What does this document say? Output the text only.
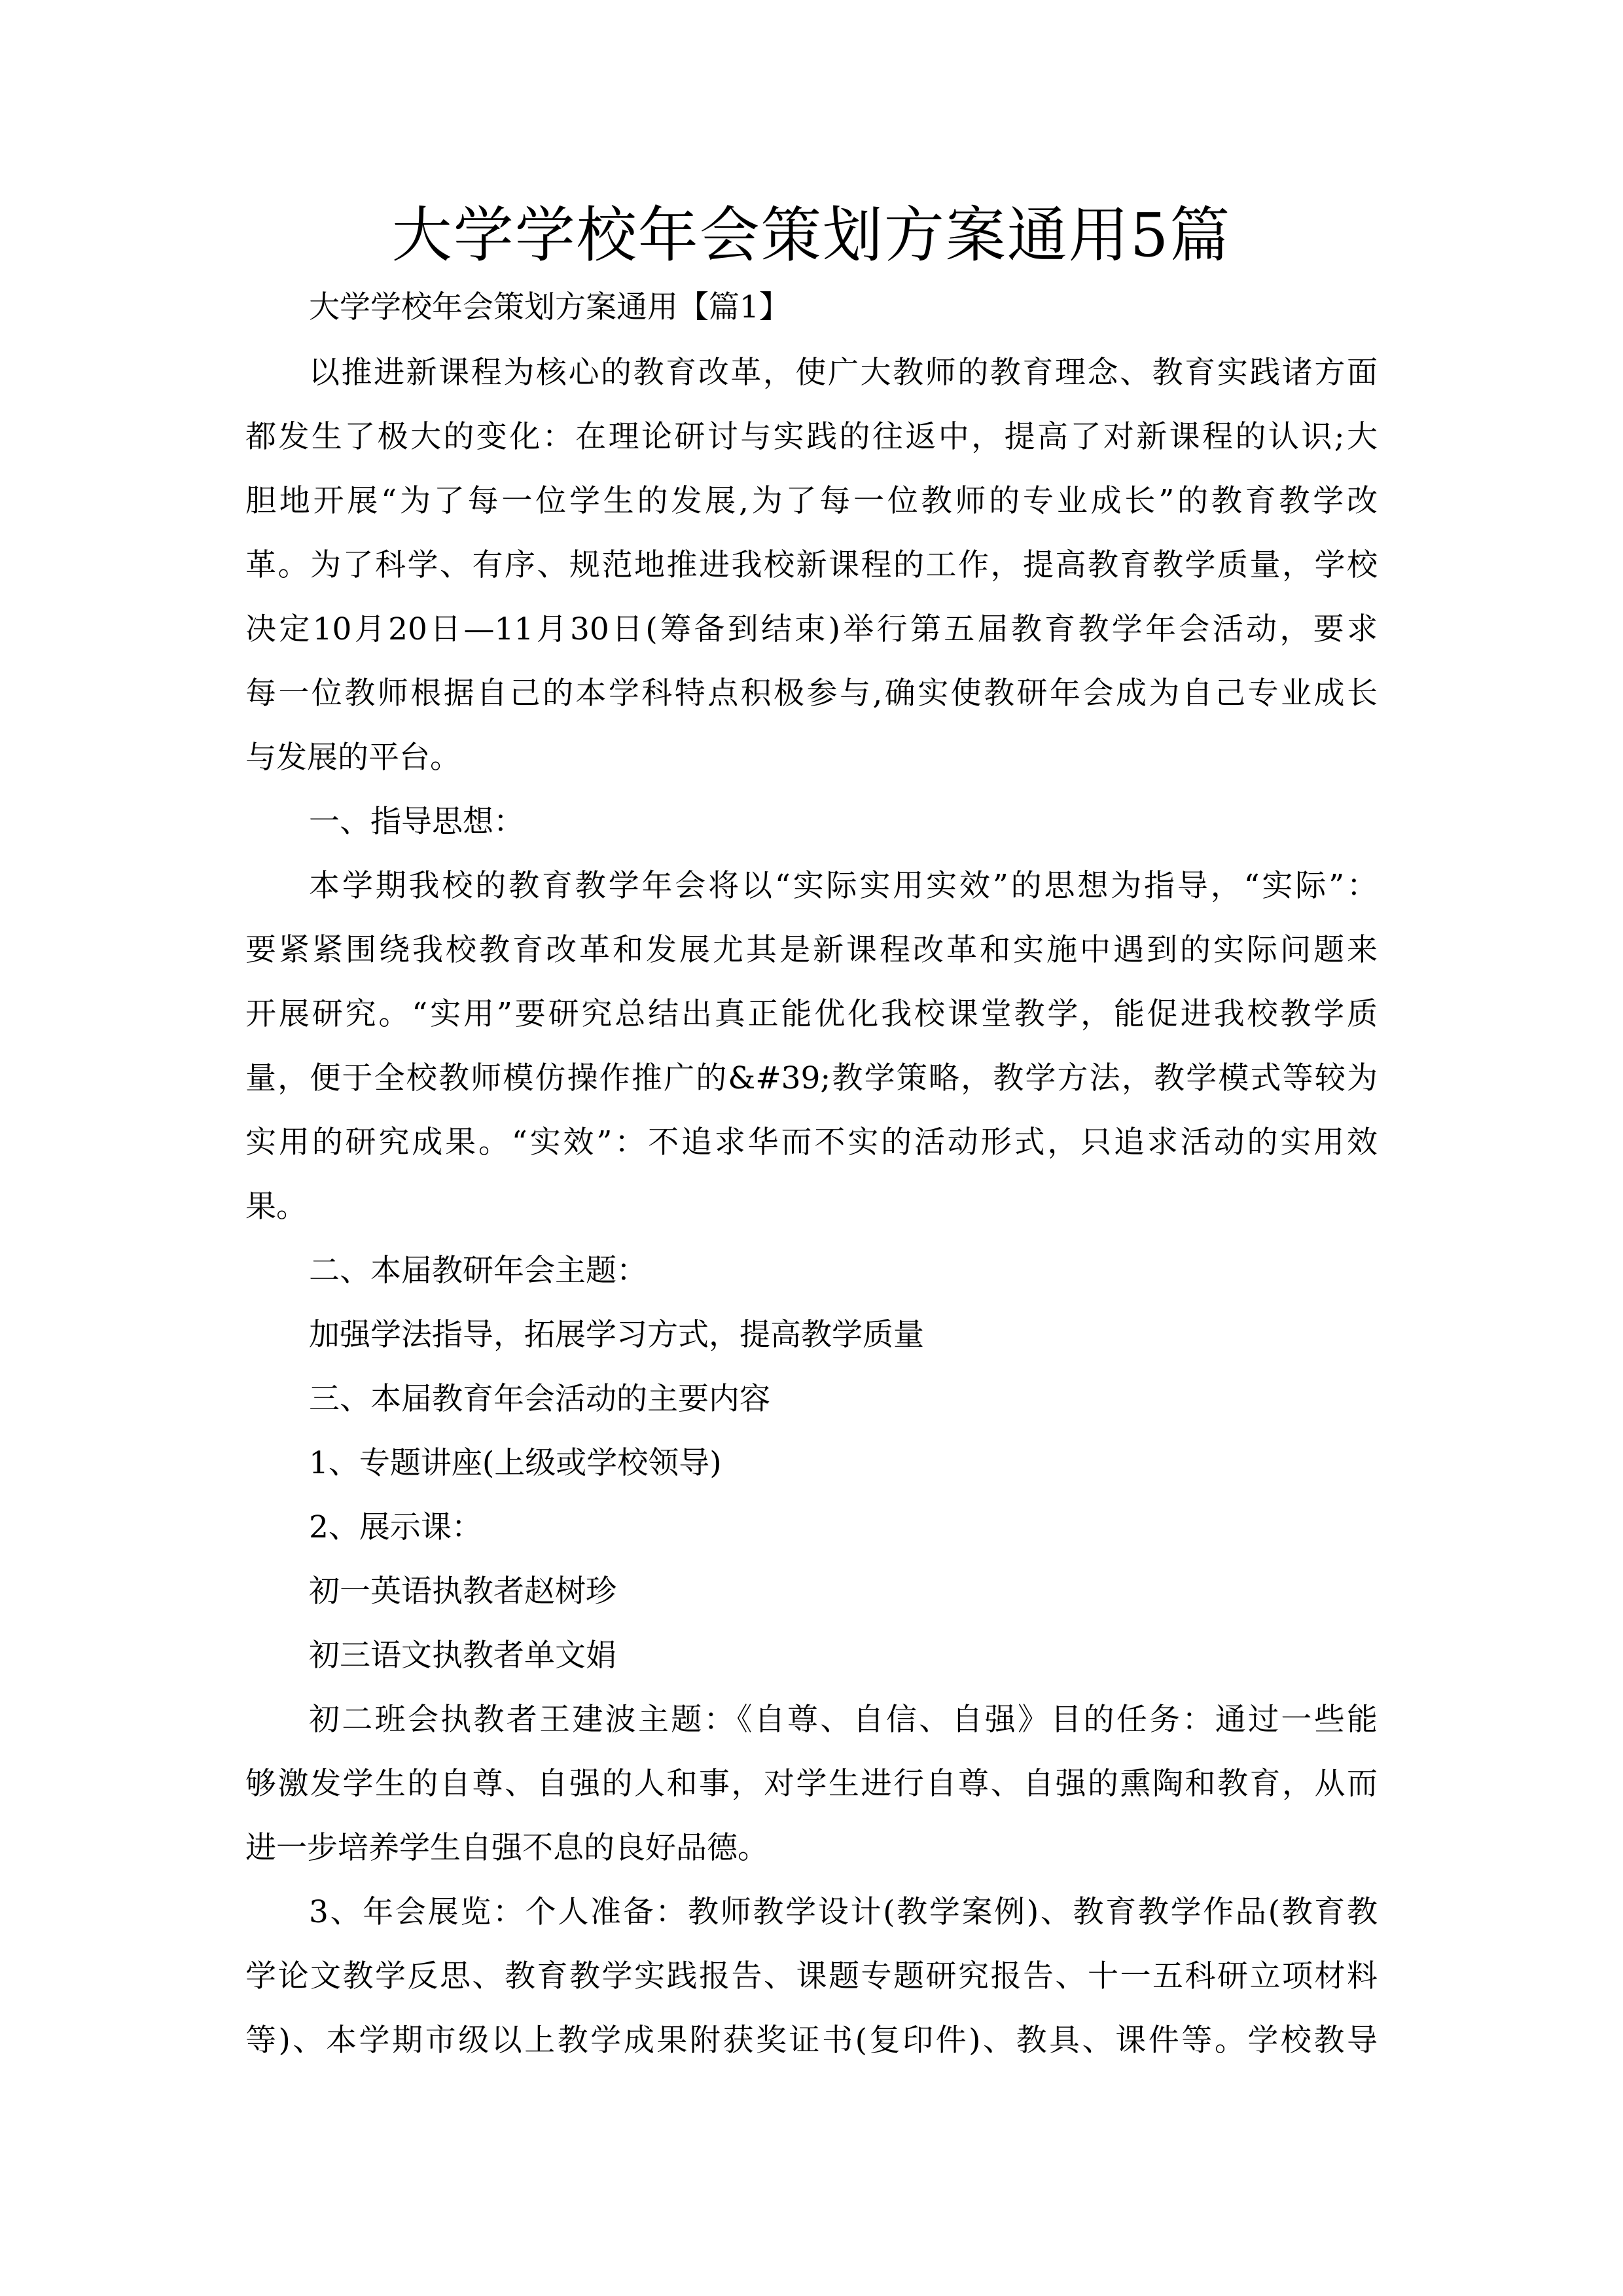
大学学校年会策划方案通用5篇
大学学校年会策划方案通用【篇1】
以推进新课程为核心的教育改革，使广大教师的教育理念、教育实践诸方面
都发生了极大的变化：在理论研讨与实践的往返中，提高了对新课程的认识;大
胆地开展“为了每一位学生的发展,为了每一位教师的专业成长”的教育教学改
革。为了科学、有序、规范地推进我校新课程的工作，提高教育教学质量，学校
决定10月20日—11月30日(筹备到结束)举行第五届教育教学年会活动，要求
每一位教师根据自己的本学科特点积极参与,确实使教研年会成为自己专业成长
与发展的平台。
一、指导思想：
本学期我校的教育教学年会将以“实际实用实效”的思想为指导，“实际”：
要紧紧围绕我校教育改革和发展尤其是新课程改革和实施中遇到的实际问题来
开展研究。“实用”要研究总结出真正能优化我校课堂教学，能促进我校教学质
量，便于全校教师模仿操作推广的&#39;教学策略，教学方法，教学模式等较为
实用的研究成果。“实效”：不追求华而不实的活动形式，只追求活动的实用效
果。
二、本届教研年会主题：
加强学法指导，拓展学习方式，提高教学质量
三、本届教育年会活动的主要内容
1、专题讲座(上级或学校领导)
2、展示课：
初一英语执教者赵树珍
初三语文执教者单文娟
初二班会执教者王建波主题：《自尊、自信、自强》目的任务：通过一些能
够激发学生的自尊、自强的人和事，对学生进行自尊、自强的熏陶和教育，从而
进一步培养学生自强不息的良好品德。
3、年会展览：个人准备：教师教学设计(教学案例)、教育教学作品(教育教
学论文教学反思、教育教学实践报告、课题专题研究报告、十一五科研立项材料
等)、本学期市级以上教学成果附获奖证书(复印件)、教具、课件等。学校教导
